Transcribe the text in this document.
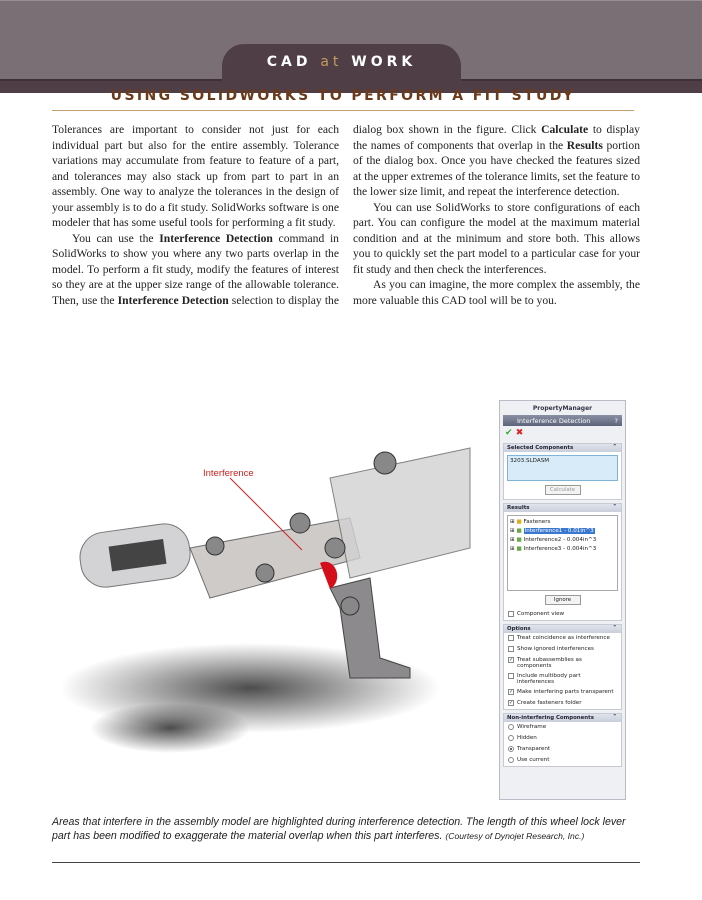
CAD at WORK
USING SOLIDWORKS TO PERFORM A FIT STUDY

Tolerances are important to consider not just for each individual part but also for the entire assembly. Tolerance variations may accumulate from feature to feature of a part, and tolerances may also stack up from part to part in an assembly. One way to analyze the tolerances in the design of your assembly is to do a fit study. SolidWorks software is one modeler that has some useful tools for performing a fit study.

You can use the Interference Detection command in SolidWorks to show you where any two parts overlap in the model. To perform a fit study, modify the features of interest so they are at the upper size range of the allowable tolerance. Then, use the Interference Detection selection to display the dialog box shown in the figure. Click Calculate to display the names of components that overlap in the Results portion of the dialog box. Once you have checked the features sized at the upper extremes of the tolerance limits, set the feature to the lower size limit, and repeat the interference detection.

You can use SolidWorks to store configurations of each part. You can configure the model at the maximum material condition and at the minimum and store both. This allows you to quickly set the part model to a particular case for your fit study and then check the interferences.

As you can imagine, the more complex the assembly, the more valuable this CAD tool will be to you.

Interference
PropertyManager
Interference Detection	?
✔ ✖
Selected Components ⌃
3203.SLDASM
Calculate
Results ⌃
⊞ ■ Fasteners
⊞ ■ Interference1 - 0.01in^3
⊞ ■ Interference2 - 0.004in^3
⊞ ■ Interference3 - 0.004in^3
Ignore
Component view
Options ⌃
Treat coincidence as interference
Show ignored interferences
✓ Treat subassemblies as components
Include multibody part interferences
✓ Make interfering parts transparent
✓ Create fasteners folder
Non-interfering Components ⌃
Wireframe
Hidden
Transparent
Use current
Areas that interfere in the assembly model are highlighted during interference detection. The length of this wheel lock lever part has been modified to exaggerate the material overlap when this part interferes. (Courtesy of Dynojet Research, Inc.)
